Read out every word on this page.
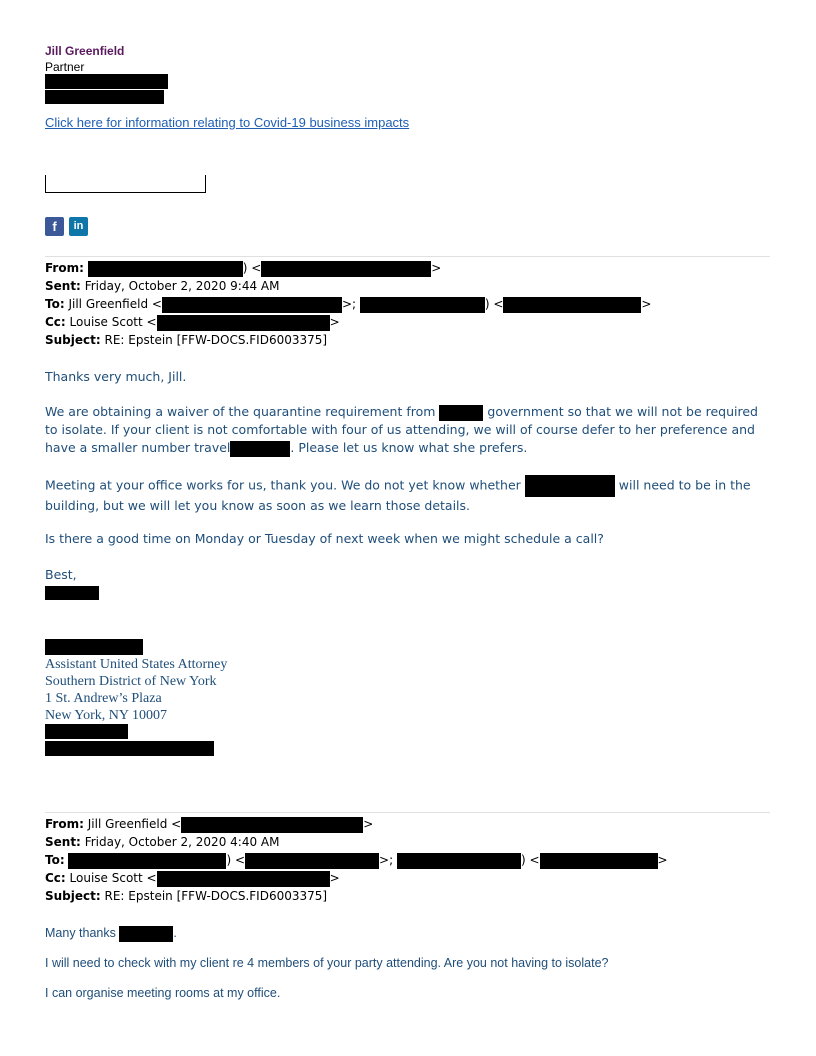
Jill Greenfield
Partner
Click here for information relating to Covid-19 business impacts
f	in
From:	) <	>
Sent: Friday, October 2, 2020 9:44 AM
To: Jill Greenfield <	>;	) <	>
Cc: Louise Scott <	>
Subject: RE: Epstein [FFW-DOCS.FID6003375]
Thanks very much, Jill.
We are obtaining a waiver of the quarantine requirement from	government so that we will not be required to isolate. If your client is not comfortable with four of us attending, we will of course defer to her preference and have a smaller number travel	. Please let us know what she prefers.
Meeting at your office works for us, thank you. We do not yet know whether	will need to be in the building, but we will let you know as soon as we learn those details.
Is there a good time on Monday or Tuesday of next week when we might schedule a call?
Best,
Assistant United States Attorney
Southern District of New York
1 St. Andrew’s Plaza
New York, NY 10007
From: Jill Greenfield <	>
Sent: Friday, October 2, 2020 4:40 AM
To:	) <	>;	) <	>
Cc: Louise Scott <	>
Subject: RE: Epstein [FFW-DOCS.FID6003375]
Many thanks	.
I will need to check with my client re 4 members of your party attending. Are you not having to isolate?
I can organise meeting rooms at my office.
